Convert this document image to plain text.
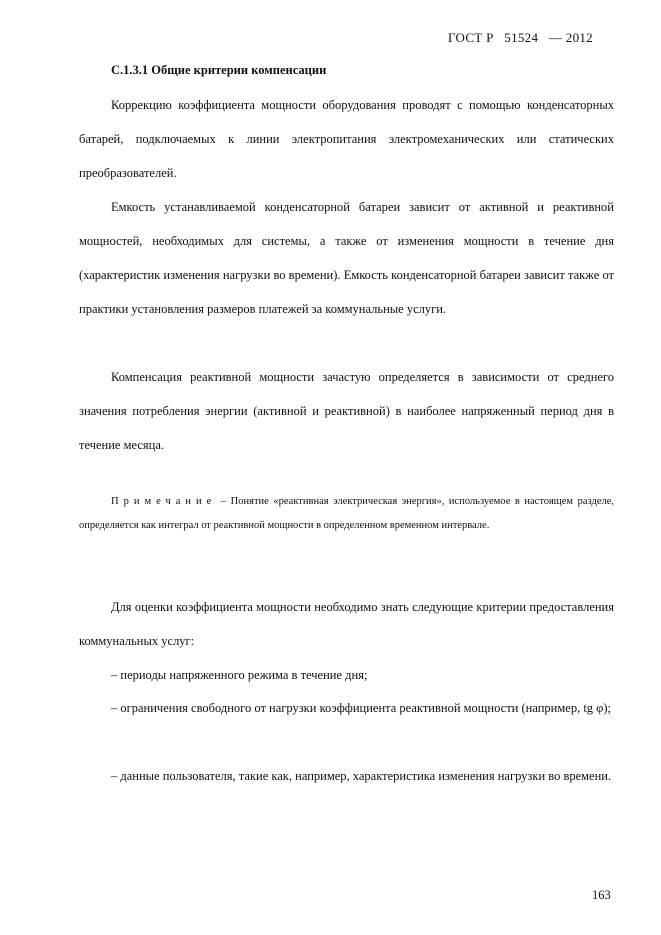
ГОСТ Р   51524   — 2012
С.1.3.1 Общие критерии компенсации

Коррекцию коэффициента мощности оборудования проводят с помощью конденсаторных батарей, подключаемых к линии электропитания электромеханических или статических преобразователей.

Емкость устанавливаемой конденсаторной батареи зависит от активной и реактивной мощностей, необходимых для системы, а также от изменения мощности в течение дня (характеристик изменения нагрузки во времени). Емкость конденсаторной батареи зависит также от практики установления размеров платежей за коммунальные услуги.

Компенсация реактивной мощности зачастую определяется в зависимости от среднего значения потребления энергии (активной и реактивной) в наиболее напряженный период дня в течение месяца.

Примечание – Понятие «реактивная электрическая энергия», используемое в настоящем разделе, определяется как интеграл от реактивной мощности в определенном временном интервале.

Для оценки коэффициента мощности необходимо знать следующие критерии предоставления коммунальных услуг:

– периоды напряженного режима в течение дня;

– ограничения свободного от нагрузки коэффициента реактивной мощности (например, tg φ);

– данные пользователя, такие как, например, характеристика изменения нагрузки во времени.

163
